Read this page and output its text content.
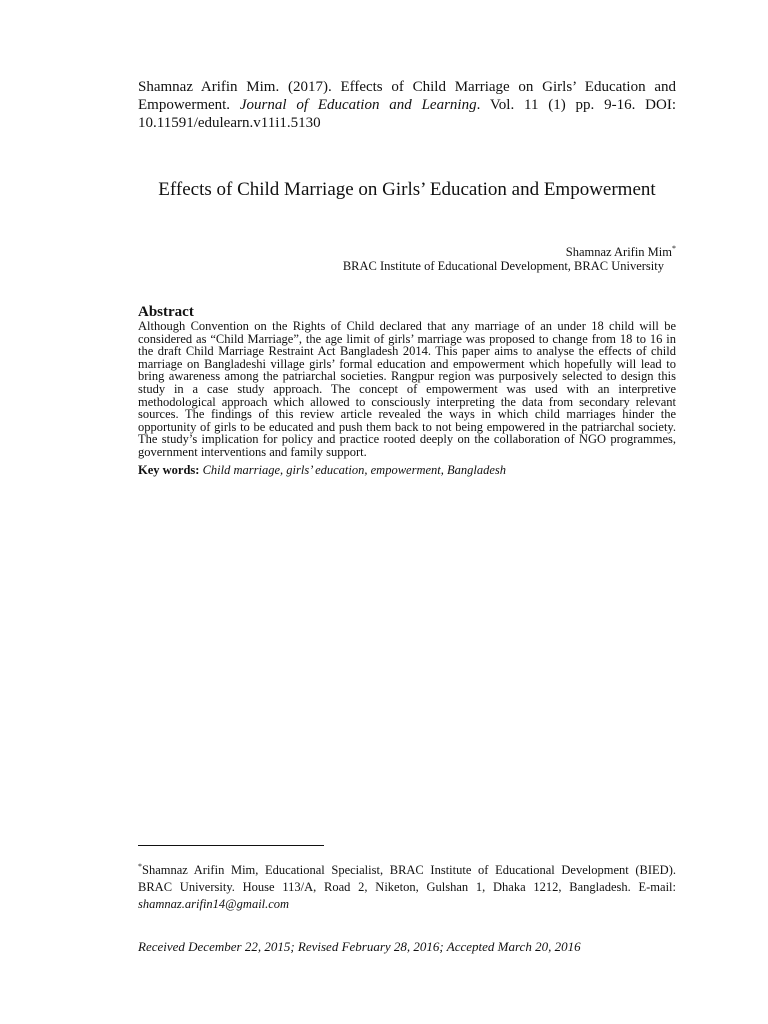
Shamnaz Arifin Mim. (2017). Effects of Child Marriage on Girls’ Education and Empowerment. Journal of Education and Learning. Vol. 11 (1) pp. 9-16. DOI: 10.11591/edulearn.v11i1.5130
Effects of Child Marriage on Girls’ Education and Empowerment
Shamnaz Arifin Mim*
BRAC Institute of Educational Development, BRAC University
Abstract
Although Convention on the Rights of Child declared that any marriage of an under 18 child will be considered as “Child Marriage”, the age limit of girls’ marriage was proposed to change from 18 to 16 in the draft Child Marriage Restraint Act Bangladesh 2014. This paper aims to analyse the effects of child marriage on Bangladeshi village girls’ formal education and empowerment which hopefully will lead to bring awareness among the patriarchal societies. Rangpur region was purposively selected to design this study in a case study approach. The concept of empowerment was used with an interpretive methodological approach which allowed to consciously interpreting the data from secondary relevant sources. The findings of this review article revealed the ways in which child marriages hinder the opportunity of girls to be educated and push them back to not being empowered in the patriarchal society. The study’s implication for policy and practice rooted deeply on the collaboration of NGO programmes, government interventions and family support.
Key words: Child marriage, girls’ education, empowerment, Bangladesh
*Shamnaz Arifin Mim, Educational Specialist, BRAC Institute of Educational Development (BIED). BRAC University. House 113/A, Road 2, Niketon, Gulshan 1, Dhaka 1212, Bangladesh. E-mail: shamnaz.arifin14@gmail.com
Received December 22, 2015; Revised February 28, 2016; Accepted March 20, 2016
